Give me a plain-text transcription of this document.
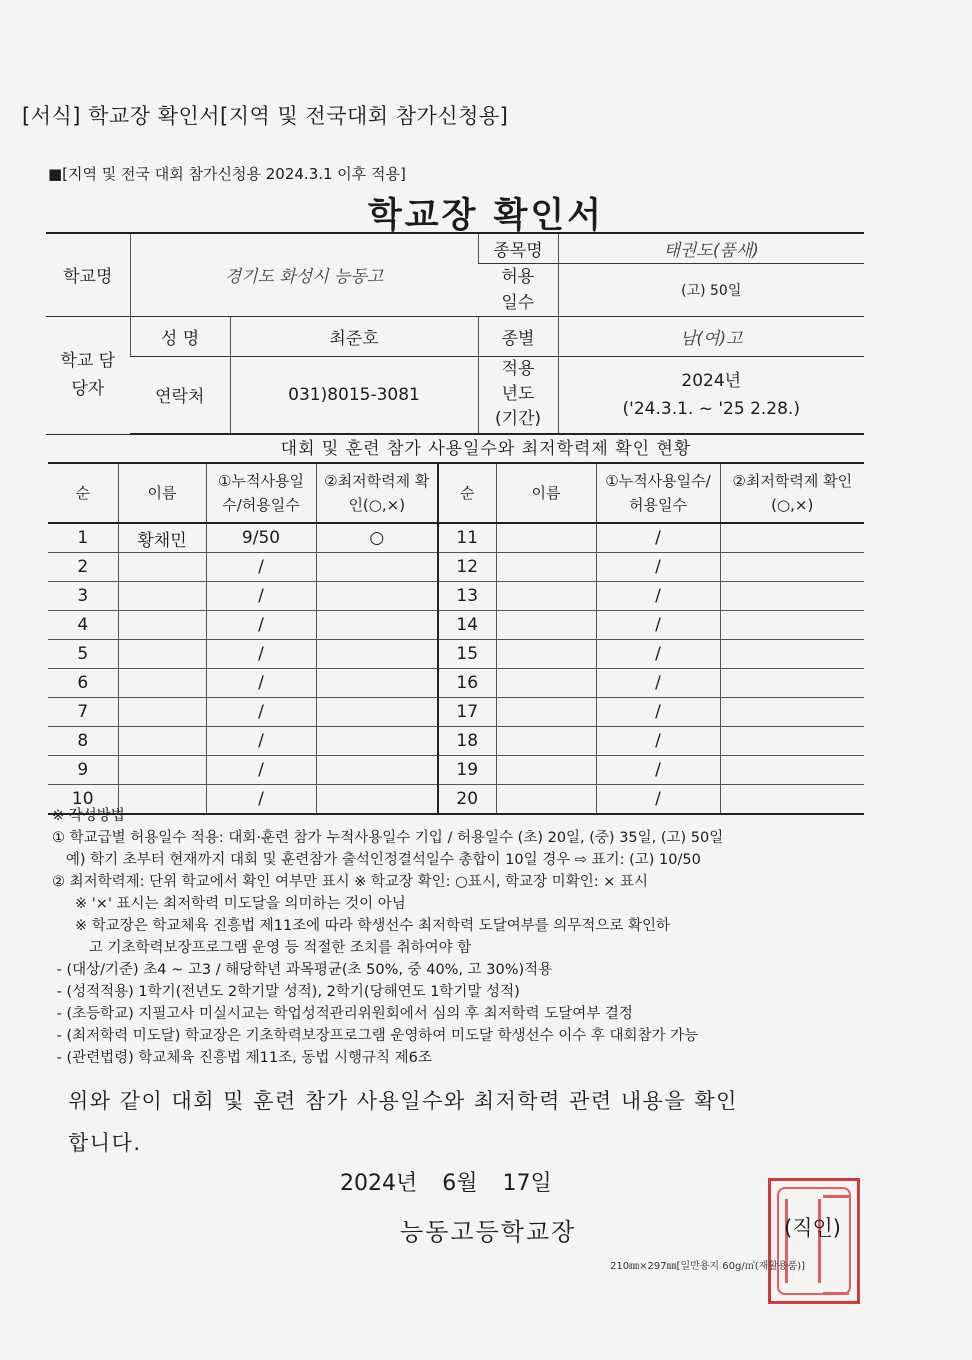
[서식] 학교장 확인서[지역 및 전국대회 참가신청용]
■[지역 및 전국 대회 참가신청용 2024.3.1 이후 적용]
학교장 확인서
학교명	경기도 화성시 능동고		종목명	태권도(품새)

			허용일수	(고) 50일

학교 담당자	성 명	최준호	종별	남(여)고
	연락처	031)8015-3081	적용 년도 (기간)	2024년
('24.3.1. ~ '25 2.28.)
대회 및 훈련 참가 사용일수와 최저학력제 확인 현황
순	이름	①누적사용일수/허용일수	②최저학력제 확인(○,×)	순	이름	①누적사용일수/허용일수	②최저학력제 확인(○,×)

1	황채민	9/50	○	11		/	
2		/		12		/	
3		/		13		/	
4		/		14		/	
5		/		15		/	
6		/		16		/	
7		/		17		/	
8		/		18		/	
9		/		19		/	
10		/		20		/	
※ 작성방법
① 학교급별 허용일수 적용: 대회·훈련 참가 누적사용일수 기입 / 허용일수 (초) 20일, (중) 35일, (고) 50일
예) 학기 초부터 현재까지 대회 및 훈련참가 출석인정결석일수 총합이 10일 경우 ⇨ 표기: (고) 10/50
② 최저학력제: 단위 학교에서 확인 여부만 표시 ※ 학교장 확인: ○표시, 학교장 미확인: × 표시
※ '×' 표시는 최저학력 미도달을 의미하는 것이 아님
※ 학교장은 학교체육 진흥법 제11조에 따라 학생선수 최저학력 도달여부를 의무적으로 확인하
고 기초학력보장프로그램 운영 등 적절한 조치를 취하여야 함
- (대상/기준) 초4 ~ 고3 / 해당학년 과목평균(초 50%, 중 40%, 고 30%)적용
- (성적적용) 1학기(전년도 2학기말 성적), 2학기(당해연도 1학기말 성적)
- (초등학교) 지필고사 미실시교는 학업성적관리위원회에서 심의 후 최저학력 도달여부 결정
- (최저학력 미도달) 학교장은 기초학력보장프로그램 운영하여 미도달 학생선수 이수 후 대회참가 가능
- (관련법령) 학교체육 진흥법 제11조, 동법 시행규칙 제6조
위와 같이 대회 및 훈련 참가 사용일수와 최저학력 관련 내용을 확인
합니다.
2024년 6월 17일
능동고등학교장	(직인)
210㎜×297㎜[일반용지 60g/㎡(재활용품)]
